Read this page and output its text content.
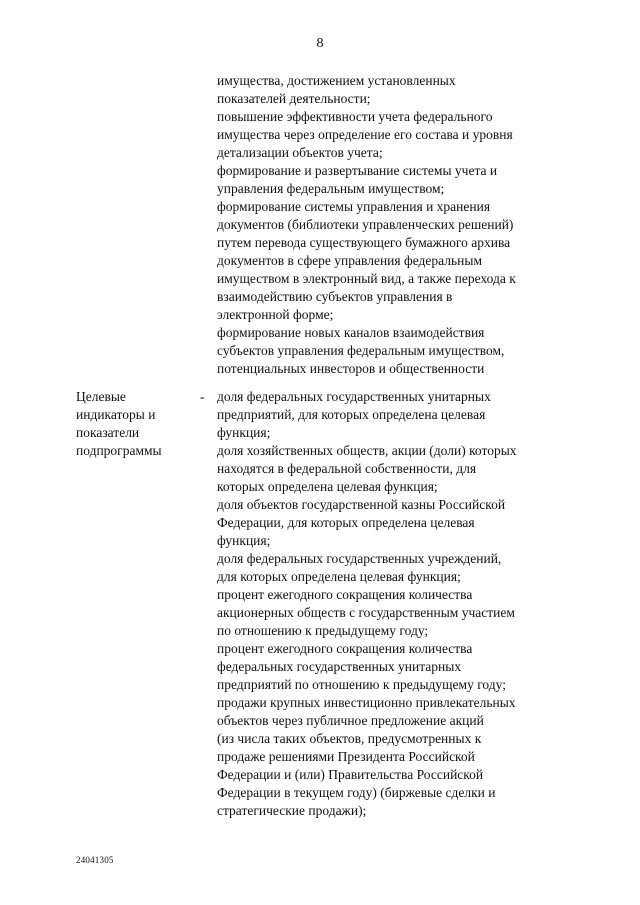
8
имущества, достижением установленных
показателей деятельности;
повышение эффективности учета федерального
имущества через определение его состава и уровня
детализации объектов учета;
формирование и развертывание системы учета и
управления федеральным имуществом;
формирование системы управления и хранения
документов (библиотеки управленческих решений)
путем перевода существующего бумажного архива
документов в сфере управления федеральным
имуществом в электронный вид, а также перехода к
взаимодействию субъектов управления в
электронной форме;
формирование новых каналов взаимодействия
субъектов управления федеральным имуществом,
потенциальных инвесторов и общественности
Целевые
индикаторы и
показатели
подпрограммы
- доля федеральных государственных унитарных
предприятий, для которых определена целевая
функция;
доля хозяйственных обществ, акции (доли) которых
находятся в федеральной собственности, для
которых определена целевая функция;
доля объектов государственной казны Российской
Федерации, для которых определена целевая
функция;
доля федеральных государственных учреждений,
для которых определена целевая функция;
процент ежегодного сокращения количества
акционерных обществ с государственным участием
по отношению к предыдущему году;
процент ежегодного сокращения количества
федеральных государственных унитарных
предприятий по отношению к предыдущему году;
продажи крупных инвестиционно привлекательных
объектов через публичное предложение акций
(из числа таких объектов, предусмотренных к
продаже решениями Президента Российской
Федерации и (или) Правительства Российской
Федерации в текущем году) (биржевые сделки и
стратегические продажи);
24041305
